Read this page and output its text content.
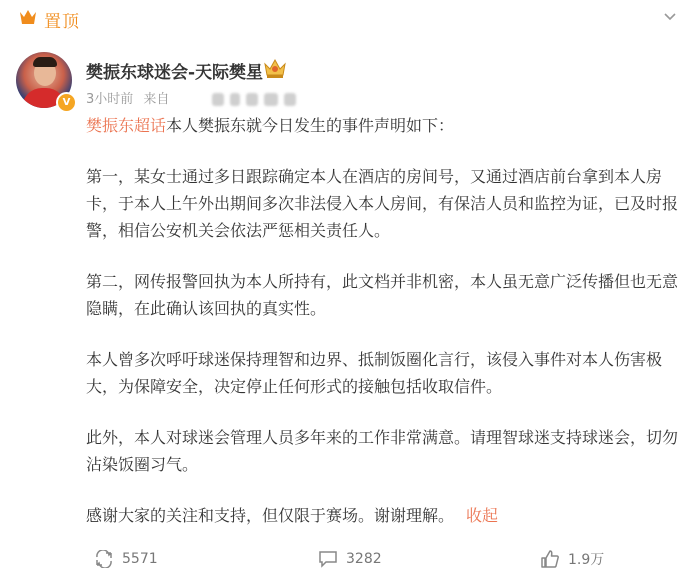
置顶
V
樊振东球迷会-天际樊星
3小时前 来自

樊振东超话本人樊振东就今日发生的事件声明如下：

第一，某女士通过多日跟踪确定本人在酒店的房间号，又通过酒店前台拿到本人房卡，于本人上午外出期间多次非法侵入本人房间，有保洁人员和监控为证，已及时报警，相信公安机关会依法严惩相关责任人。

第二，网传报警回执为本人所持有，此文档并非机密，本人虽无意广泛传播但也无意隐瞒，在此确认该回执的真实性。

本人曾多次呼吁球迷保持理智和边界、抵制饭圈化言行，该侵入事件对本人伤害极大，为保障安全，决定停止任何形式的接触包括收取信件。

此外，本人对球迷会管理人员多年来的工作非常满意。请理智球迷支持球迷会，切勿沾染饭圈习气。

感谢大家的关注和支持，但仅限于赛场。谢谢理解。 收起

5571	3282	1.9万
